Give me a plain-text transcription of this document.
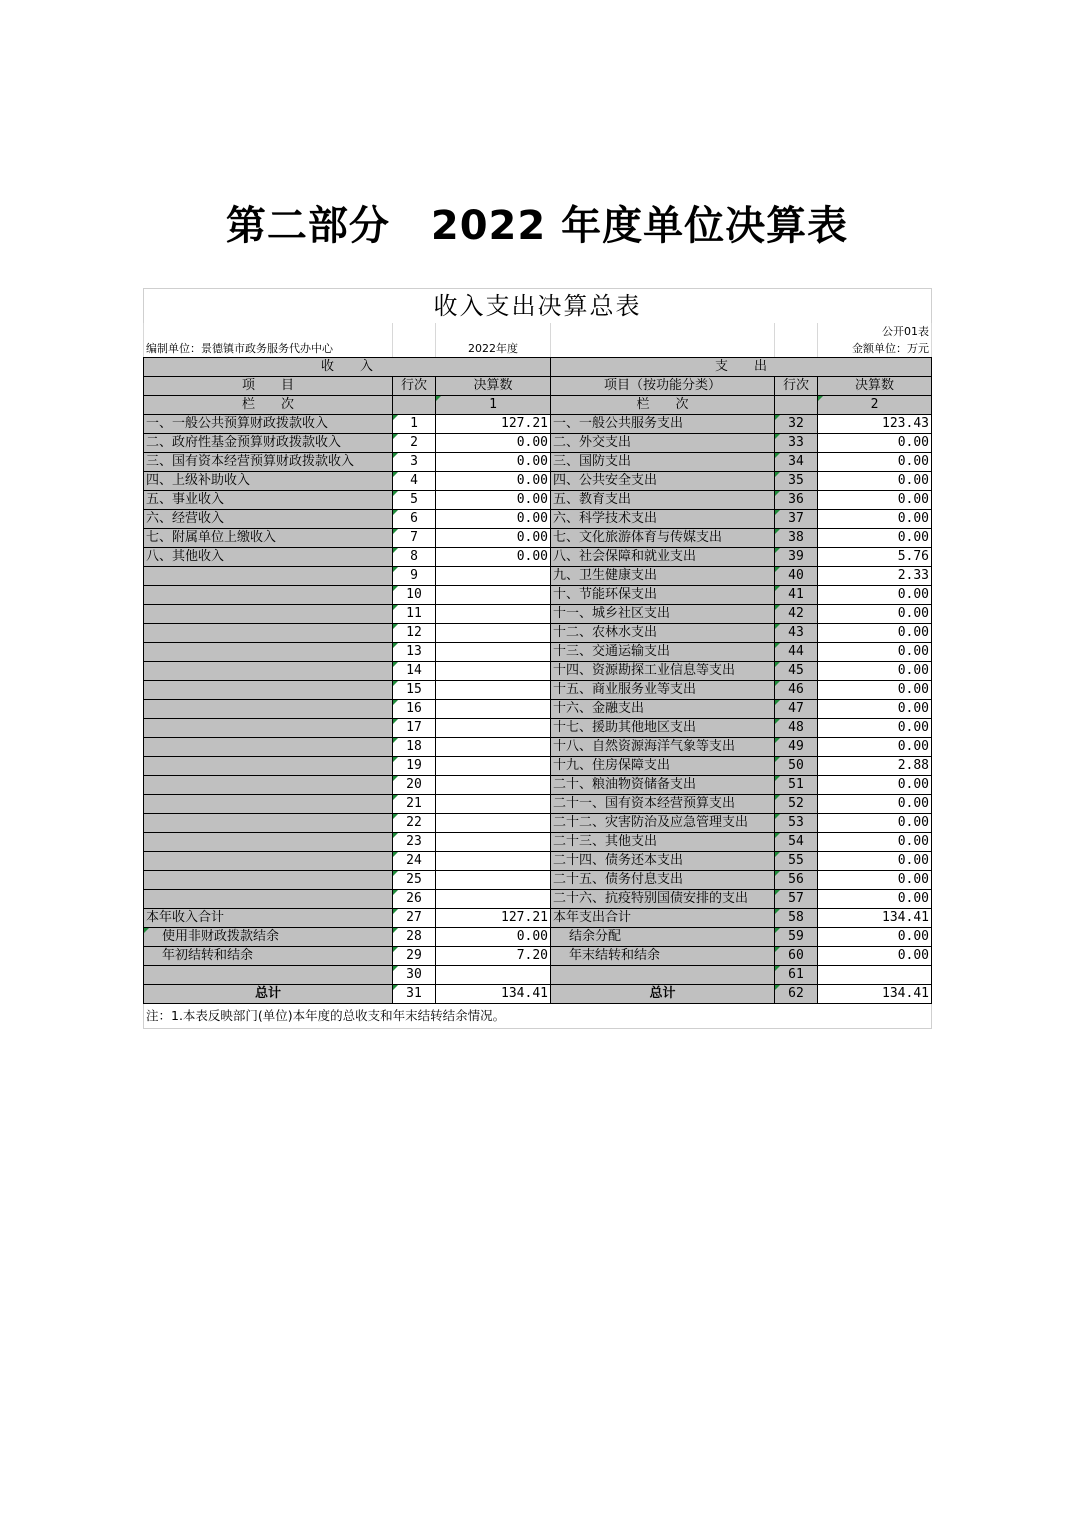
第二部分　2022 年度单位决算表
收入支出决算总表					
					公开01表
编制单位：景德镇市政务服务代办中心		2022年度			金额单位：万元
收　　入			支　　出		
项　　目	行次	决算数	项目（按功能分类）	行次	决算数
栏　　次		1	栏　　次		2
一、一般公共预算财政拨款收入	1	127.21	一、一般公共服务支出	32	123.43
二、政府性基金预算财政拨款收入	2	0.00	二、外交支出	33	0.00
三、国有资本经营预算财政拨款收入	3	0.00	三、国防支出	34	0.00
四、上级补助收入	4	0.00	四、公共安全支出	35	0.00
五、事业收入	5	0.00	五、教育支出	36	0.00
六、经营收入	6	0.00	六、科学技术支出	37	0.00
七、附属单位上缴收入	7	0.00	七、文化旅游体育与传媒支出	38	0.00
八、其他收入	8	0.00	八、社会保障和就业支出	39	5.76
	9		九、卫生健康支出	40	2.33
	10		十、节能环保支出	41	0.00
	11		十一、城乡社区支出	42	0.00
	12		十二、农林水支出	43	0.00
	13		十三、交通运输支出	44	0.00
	14		十四、资源勘探工业信息等支出	45	0.00
	15		十五、商业服务业等支出	46	0.00
	16		十六、金融支出	47	0.00
	17		十七、援助其他地区支出	48	0.00
	18		十八、自然资源海洋气象等支出	49	0.00
	19		十九、住房保障支出	50	2.88
	20		二十、粮油物资储备支出	51	0.00
	21		二十一、国有资本经营预算支出	52	0.00
	22		二十二、灾害防治及应急管理支出	53	0.00
	23		二十三、其他支出	54	0.00
	24		二十四、债务还本支出	55	0.00
	25		二十五、债务付息支出	56	0.00
	26		二十六、抗疫特别国债安排的支出	57	0.00
本年收入合计	27	127.21	本年支出合计	58	134.41
使用非财政拨款结余	28	0.00	结余分配	59	0.00
年初结转和结余	29	7.20	年末结转和结余	60	0.00
	30			61	
总计	31	134.41	总计	62	134.41
注：1.本表反映部门(单位)本年度的总收支和年末结转结余情况。					
